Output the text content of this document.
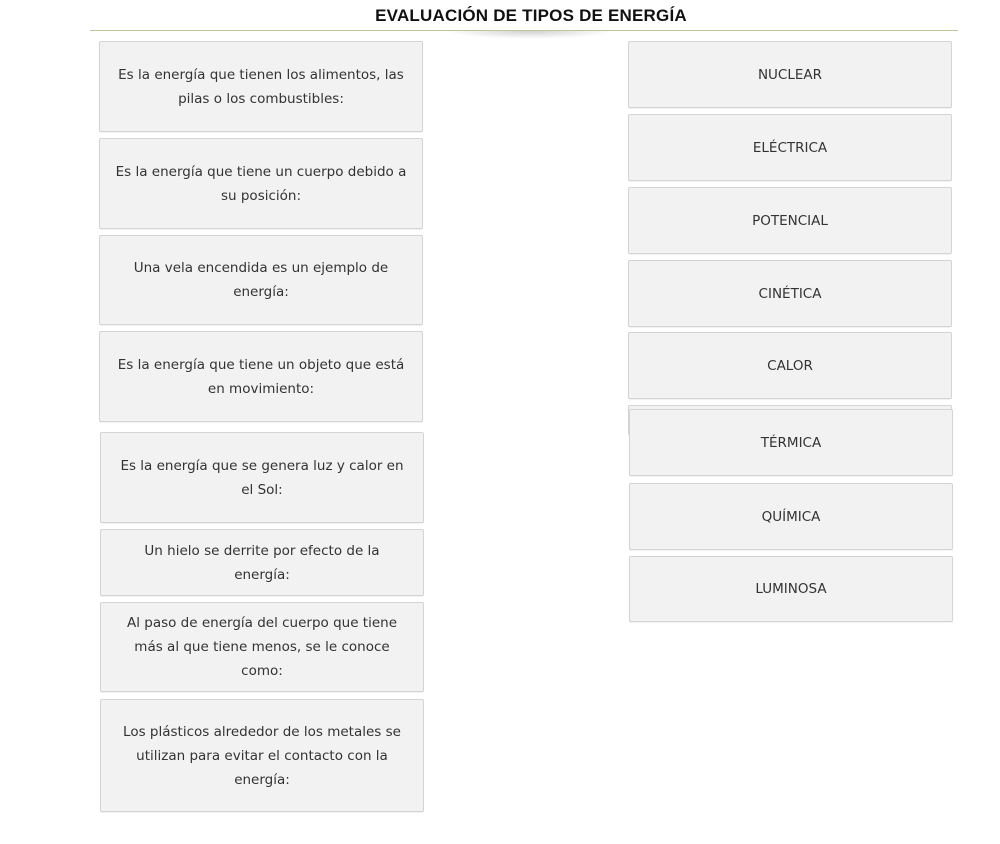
EVALUACIÓN DE TIPOS DE ENERGÍA
Es la energía que tienen los alimentos, las pilas o los combustibles:
Es la energía que tiene un cuerpo debido a su posición:
Una vela encendida es un ejemplo de energía:
Es la energía que tiene un objeto que está en movimiento:
Es la energía que se genera luz y calor en el Sol:
Un hielo se derrite por efecto de la energía:
Al paso de energía del cuerpo que tiene más al que tiene menos, se le conoce como:
Los plásticos alrededor de los metales se utilizan para evitar el contacto con la energía:
NUCLEAR
ELÉCTRICA
POTENCIAL
CINÉTICA
CALOR
TÉRMICA
QUÍMICA
LUMINOSA
